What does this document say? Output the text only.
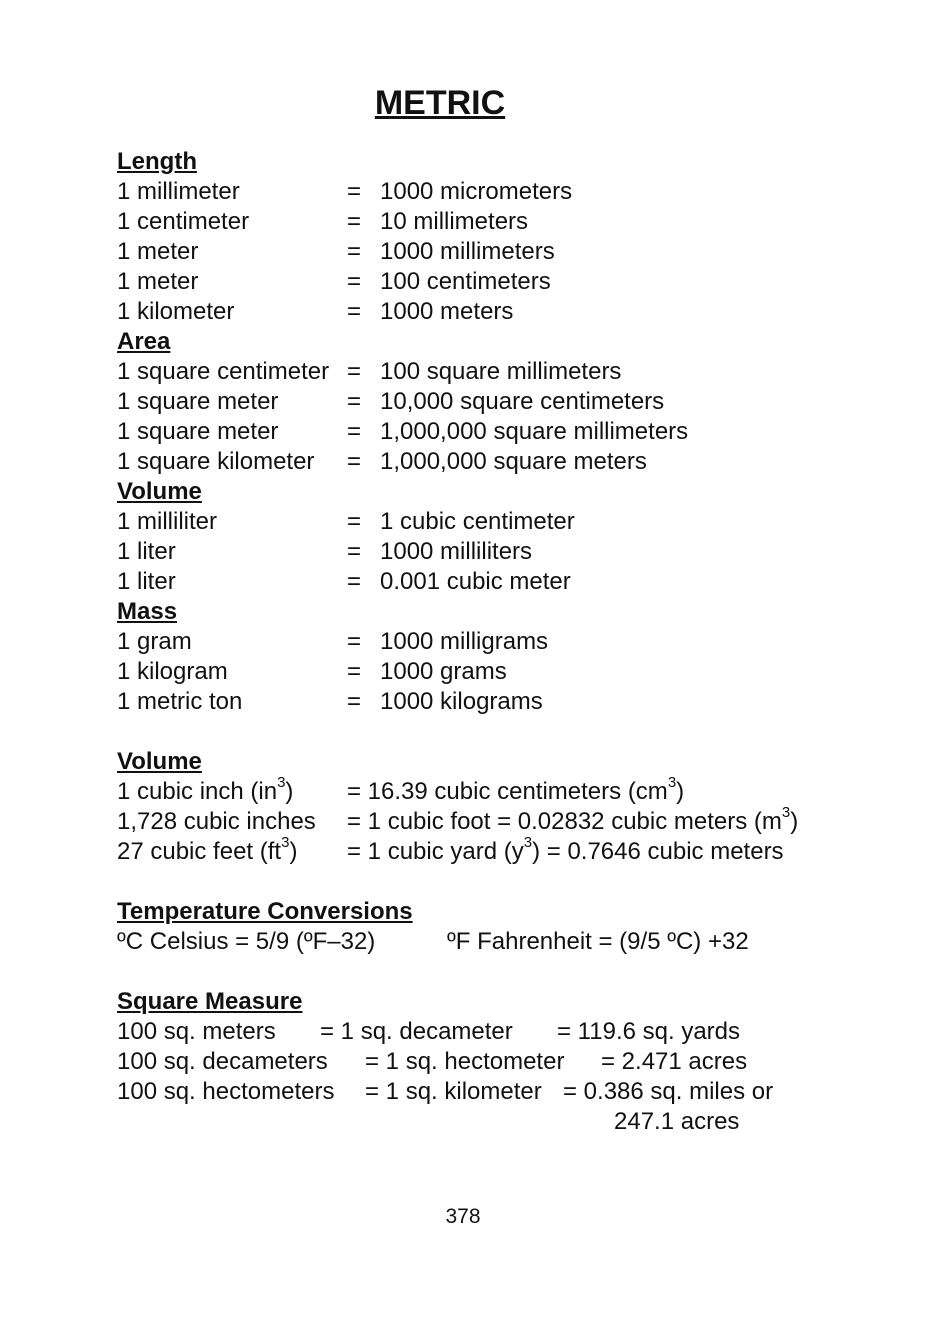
METRIC
Length
1 millimeter	= 1000 micrometers
1 centimeter	= 10 millimeters
1 meter	= 1000 millimeters
1 meter	= 100 centimeters
1 kilometer	= 1000 meters
Area
1 square centimeter = 100 square millimeters
1 square meter	= 10,000 square centimeters
1 square meter	= 1,000,000 square millimeters
1 square kilometer = 1,000,000 square meters
Volume
1 milliliter	= 1 cubic centimeter
1 liter	= 1000 milliliters
1 liter	= 0.001 cubic meter
Mass
1 gram	= 1000 milligrams
1 kilogram	= 1000 grams
1 metric ton	= 1000 kilograms
Volume
1 cubic inch $(in^3) = 16.39$ cubic centimeters $(cm^3)$
1,728 cubic inches = 1 cubic foot = 0.02832 cubic meters $(m^3)$
27 cubic feet $(ft^3) = 1$ cubic yard $(y^3) = 0.7646$ cubic meters
Temperature Conversions
ºC Celsius = 5/9 (ºF–32)	ºF Fahrenheit = (9/5 ºC) +32
Square Measure
100 sq. meters = 1 sq. decameter = 119.6 sq. yards
100 sq. decameters = 1 sq. hectometer = 2.471 acres
100 sq. hectometers = 1 sq. kilometer = 0.386 sq. miles or
247.1 acres
378
